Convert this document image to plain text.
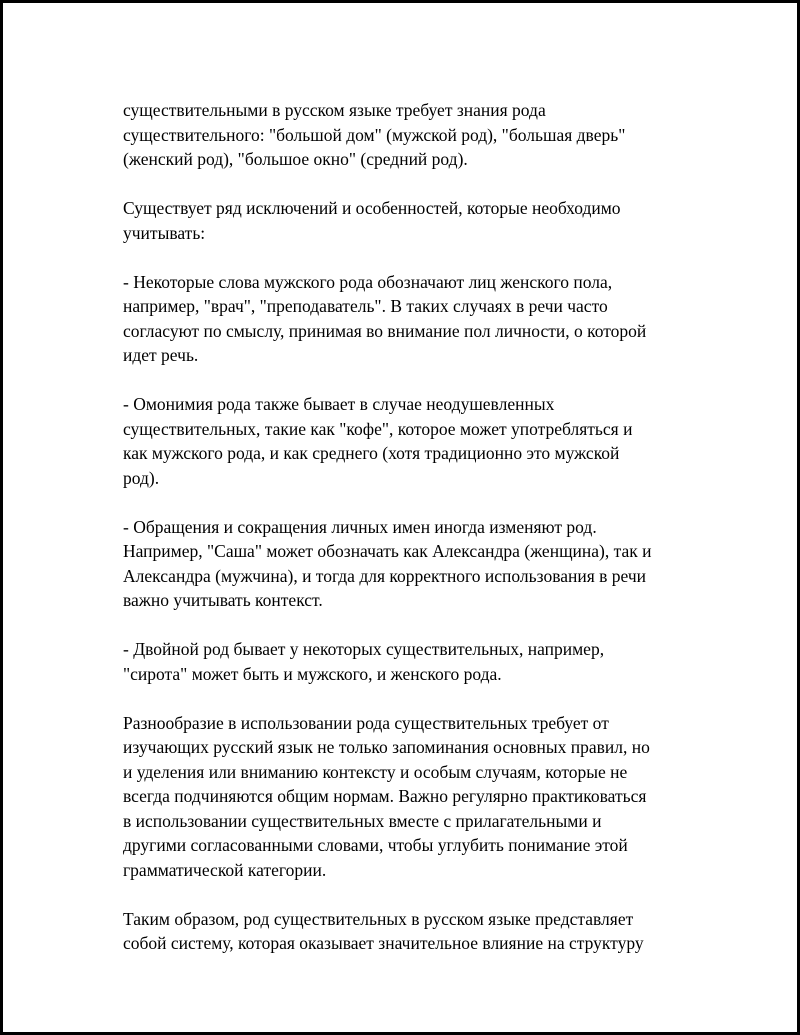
существительными в русском языке требует знания рода
существительного: "большой дом" (мужской род), "большая дверь"
(женский род), "большое окно" (средний род).

Существует ряд исключений и особенностей, которые необходимо
учитывать:

- Некоторые слова мужского рода обозначают лиц женского пола,
например, "врач", "преподаватель". В таких случаях в речи часто
согласуют по смыслу, принимая во внимание пол личности, о которой
идет речь.

- Омонимия рода также бывает в случае неодушевленных
существительных, такие как "кофе", которое может употребляться и
как мужского рода, и как среднего (хотя традиционно это мужской
род).

- Обращения и сокращения личных имен иногда изменяют род.
Например, "Саша" может обозначать как Александра (женщина), так и
Александра (мужчина), и тогда для корректного использования в речи
важно учитывать контекст.

- Двойной род бывает у некоторых существительных, например,
"сирота" может быть и мужского, и женского рода.

Разнообразие в использовании рода существительных требует от
изучающих русский язык не только запоминания основных правил, но
и уделения или вниманию контексту и особым случаям, которые не
всегда подчиняются общим нормам. Важно регулярно практиковаться
в использовании существительных вместе с прилагательными и
другими согласованными словами, чтобы углубить понимание этой
грамматической категории.

Таким образом, род существительных в русском языке представляет
собой систему, которая оказывает значительное влияние на структуру
